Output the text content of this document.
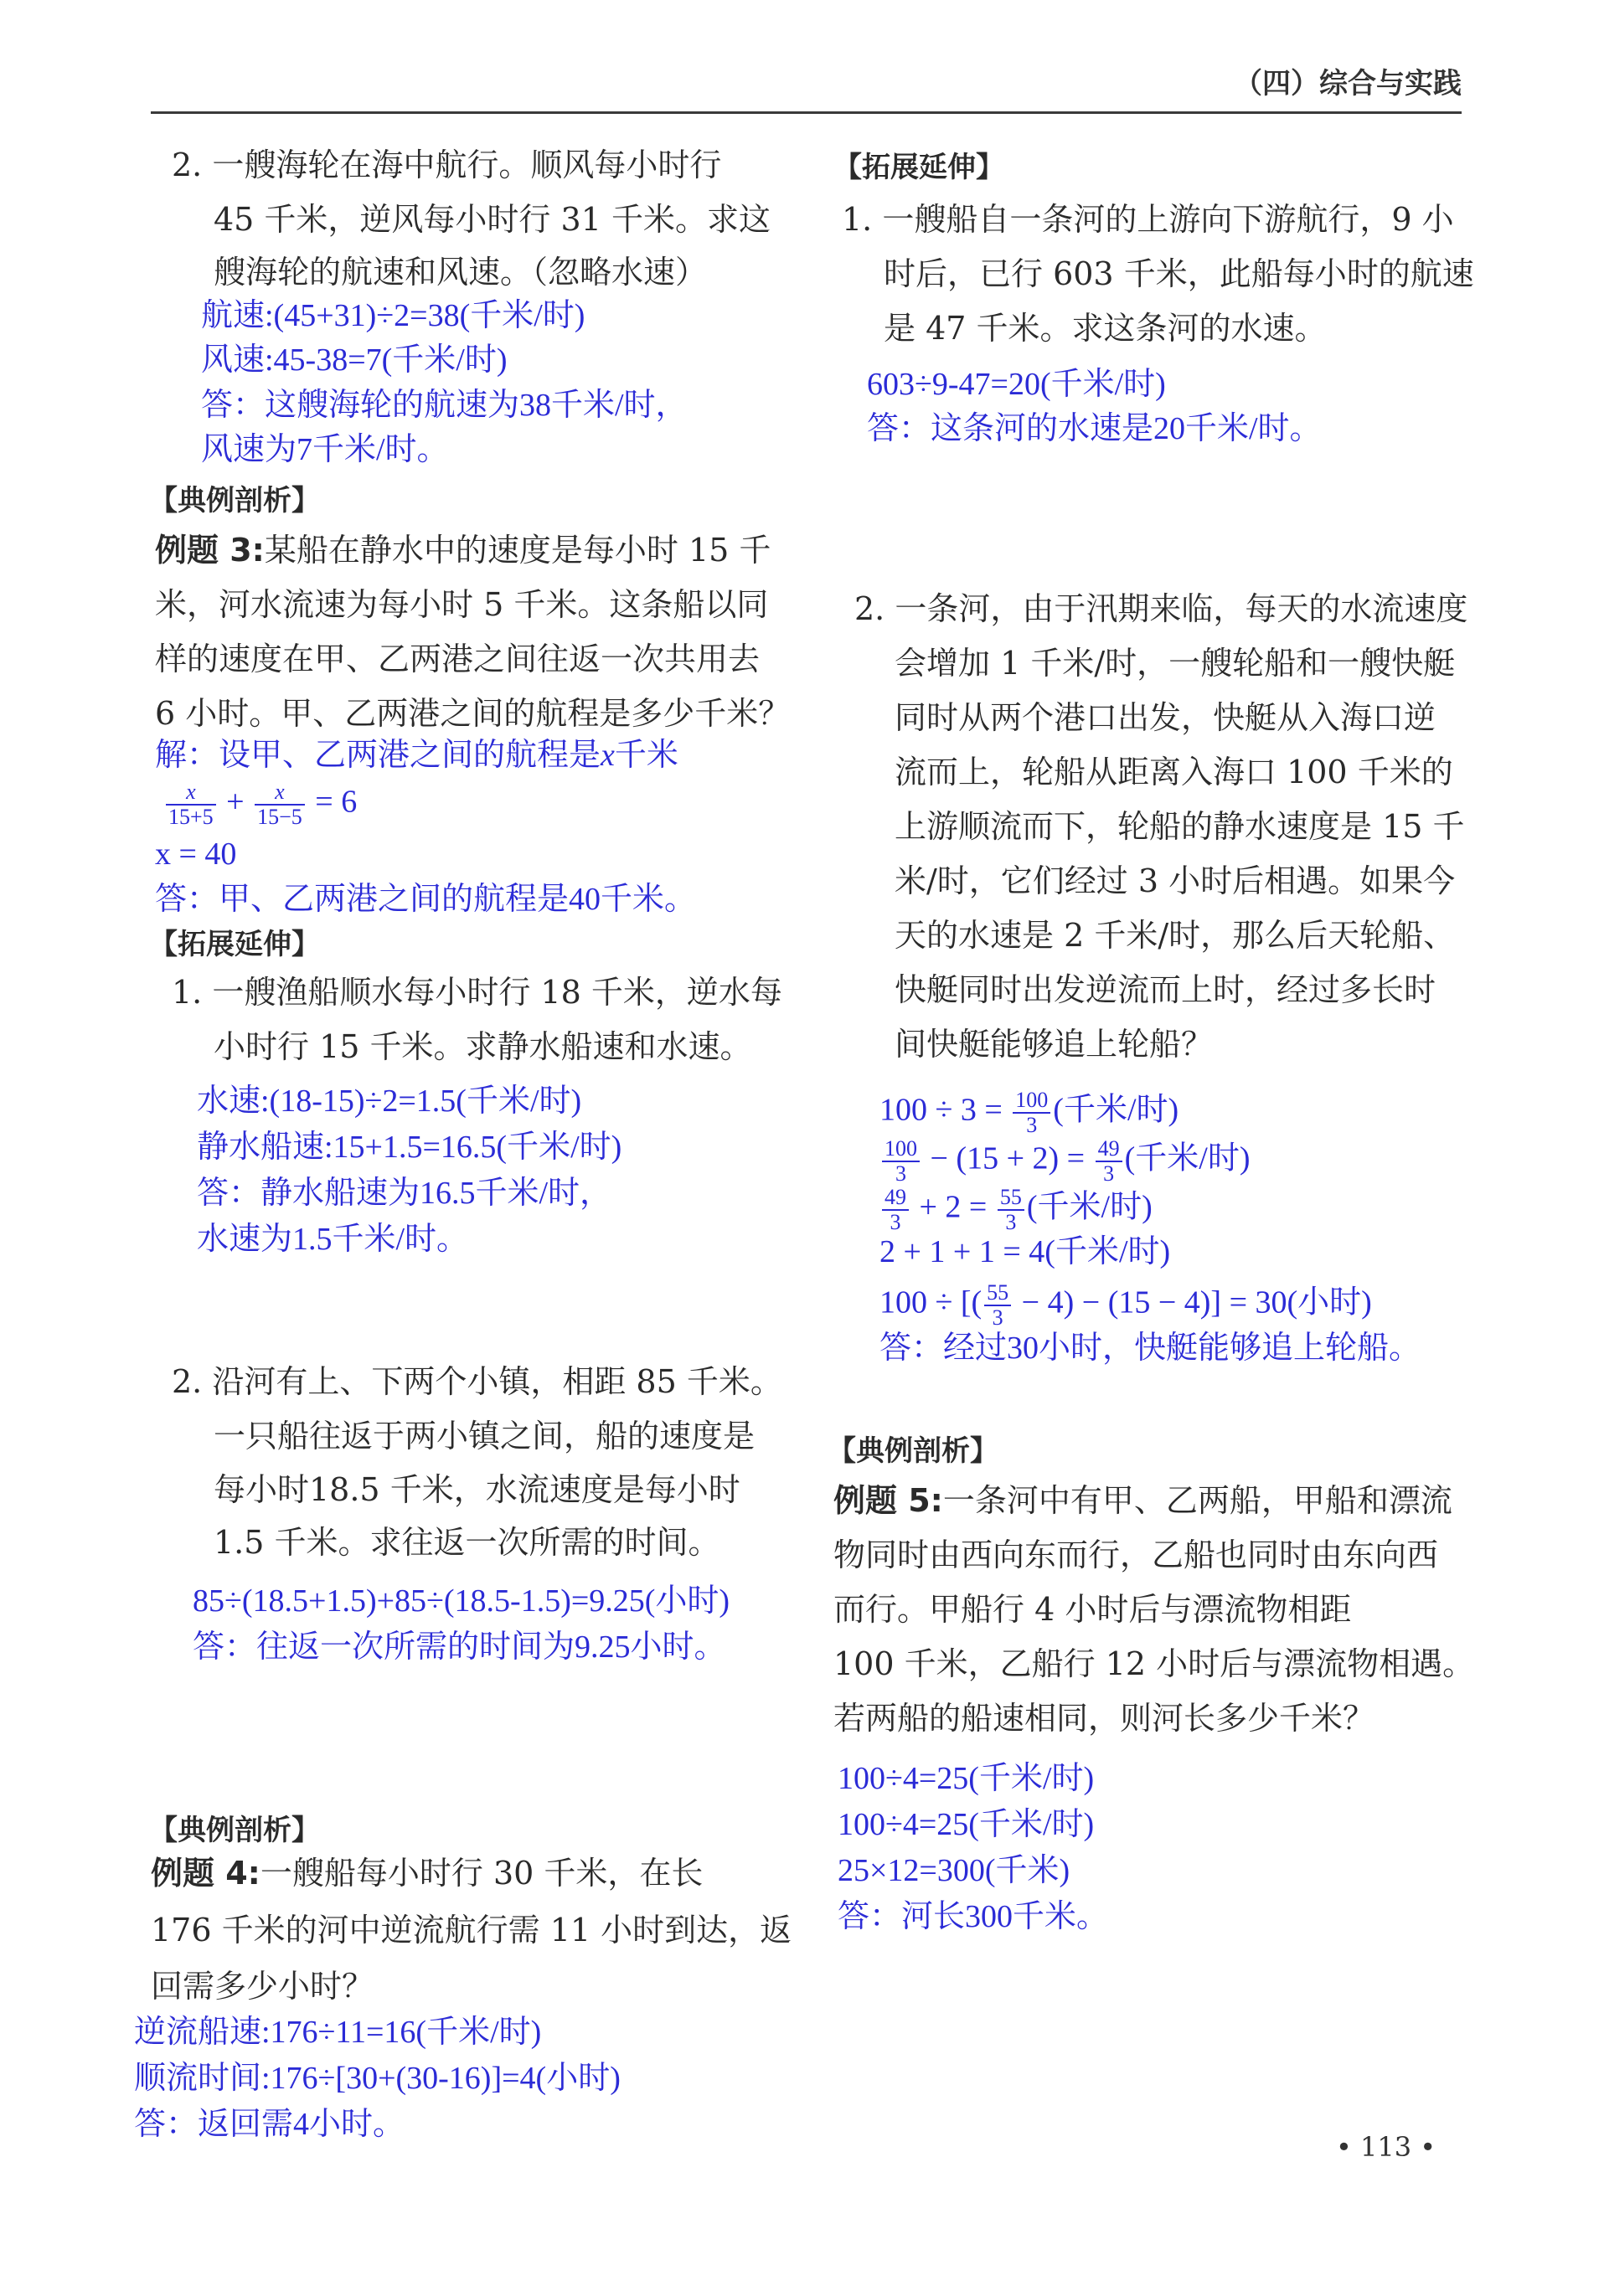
（四）综合与实践
2. 一艘海轮在海中航行。顺风每小时行
45 千米，逆风每小时行 31 千米。求这
艘海轮的航速和风速。（忽略水速）
航速:(45+31)÷2=38(千米/时)
风速:45-38=7(千米/时)
答：这艘海轮的航速为38千米/时，
风速为7千米/时。
【典例剖析】
例题 3:某船在静水中的速度是每小时 15 千
米，河水流速为每小时 5 千米。这条船以同
样的速度在甲、乙两港之间往返一次共用去
6 小时。甲、乙两港之间的航程是多少千米？
解：设甲、乙两港之间的航程是x千米
$\frac{x}{15+5} + \frac{x}{15-5} = 6$
x = 40
答：甲、乙两港之间的航程是40千米。
【拓展延伸】
1. 一艘渔船顺水每小时行 18 千米，逆水每
小时行 15 千米。求静水船速和水速。
水速:(18-15)÷2=1.5(千米/时)
静水船速:15+1.5=16.5(千米/时)
答：静水船速为16.5千米/时，
水速为1.5千米/时。
2. 沿河有上、下两个小镇，相距 85 千米。
一只船往返于两小镇之间，船的速度是
每小时18.5 千米，水流速度是每小时
1.5 千米。求往返一次所需的时间。
85÷(18.5+1.5)+85÷(18.5-1.5)=9.25(小时)
答：往返一次所需的时间为9.25小时。
【典例剖析】
例题 4:一艘船每小时行 30 千米，在长
176 千米的河中逆流航行需 11 小时到达，返
回需多少小时？
逆流船速:176÷11=16(千米/时)
顺流时间:176÷[30+(30-16)]=4(小时)
答：返回需4小时。
【拓展延伸】
1. 一艘船自一条河的上游向下游航行，9 小
时后，已行 603 千米，此船每小时的航速
是 47 千米。求这条河的水速。
603÷9-47=20(千米/时)
答：这条河的水速是20千米/时。
2. 一条河，由于汛期来临，每天的水流速度
会增加 1 千米/时，一艘轮船和一艘快艇
同时从两个港口出发，快艇从入海口逆
流而上，轮船从距离入海口 100 千米的
上游顺流而下，轮船的静水速度是 15 千
米/时，它们经过 3 小时后相遇。如果今
天的水速是 2 千米/时，那么后天轮船、
快艇同时出发逆流而上时，经过多长时
间快艇能够追上轮船？
$100 \div 3 = \frac{100}{3}$ (千米/时)
$\frac{100}{3} - (15 + 2) = \frac{49}{3}$ (千米/时)
$\frac{49}{3} + 2 = \frac{55}{3}$ (千米/时)
2 + 1 + 1 = 4(千米/时)
100 ÷ [( $\frac{55}{3} - 4) - (15 - 4)] = 30$(小时)
答：经过30小时，快艇能够追上轮船。
【典例剖析】
例题 5:一条河中有甲、乙两船，甲船和漂流
物同时由西向东而行，乙船也同时由东向西
而行。甲船行 4 小时后与漂流物相距
100 千米，乙船行 12 小时后与漂流物相遇。
若两船的船速相同，则河长多少千米？
100÷4=25(千米/时)
100÷4=25(千米/时)
25×12=300(千米)
答：河长300千米。
• 113 •
